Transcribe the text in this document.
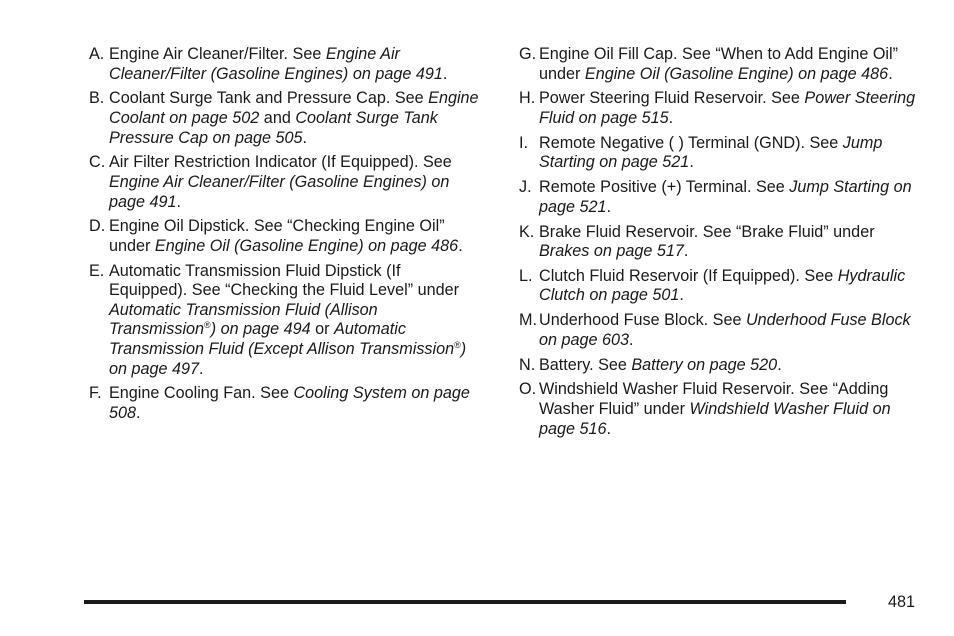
A. Engine Air Cleaner/Filter. See Engine Air Cleaner/Filter (Gasoline Engines) on page 491.
B. Coolant Surge Tank and Pressure Cap. See Engine Coolant on page 502 and Coolant Surge Tank Pressure Cap on page 505.
C. Air Filter Restriction Indicator (If Equipped). See Engine Air Cleaner/Filter (Gasoline Engines) on page 491.
D. Engine Oil Dipstick. See “Checking Engine Oil” under Engine Oil (Gasoline Engine) on page 486.
E. Automatic Transmission Fluid Dipstick (If Equipped). See “Checking the Fluid Level” under Automatic Transmission Fluid (Allison Transmission®) on page 494 or Automatic Transmission Fluid (Except Allison Transmission®) on page 497.
F. Engine Cooling Fan. See Cooling System on page 508.
G. Engine Oil Fill Cap. See “When to Add Engine Oil” under Engine Oil (Gasoline Engine) on page 486.
H. Power Steering Fluid Reservoir. See Power Steering Fluid on page 515.
I. Remote Negative ( ) Terminal (GND). See Jump Starting on page 521.
J. Remote Positive (+) Terminal. See Jump Starting on page 521.
K. Brake Fluid Reservoir. See “Brake Fluid” under Brakes on page 517.
L. Clutch Fluid Reservoir (If Equipped). See Hydraulic Clutch on page 501.
M. Underhood Fuse Block. See Underhood Fuse Block on page 603.
N. Battery. See Battery on page 520.
O. Windshield Washer Fluid Reservoir. See “Adding Washer Fluid” under Windshield Washer Fluid on page 516.
481
